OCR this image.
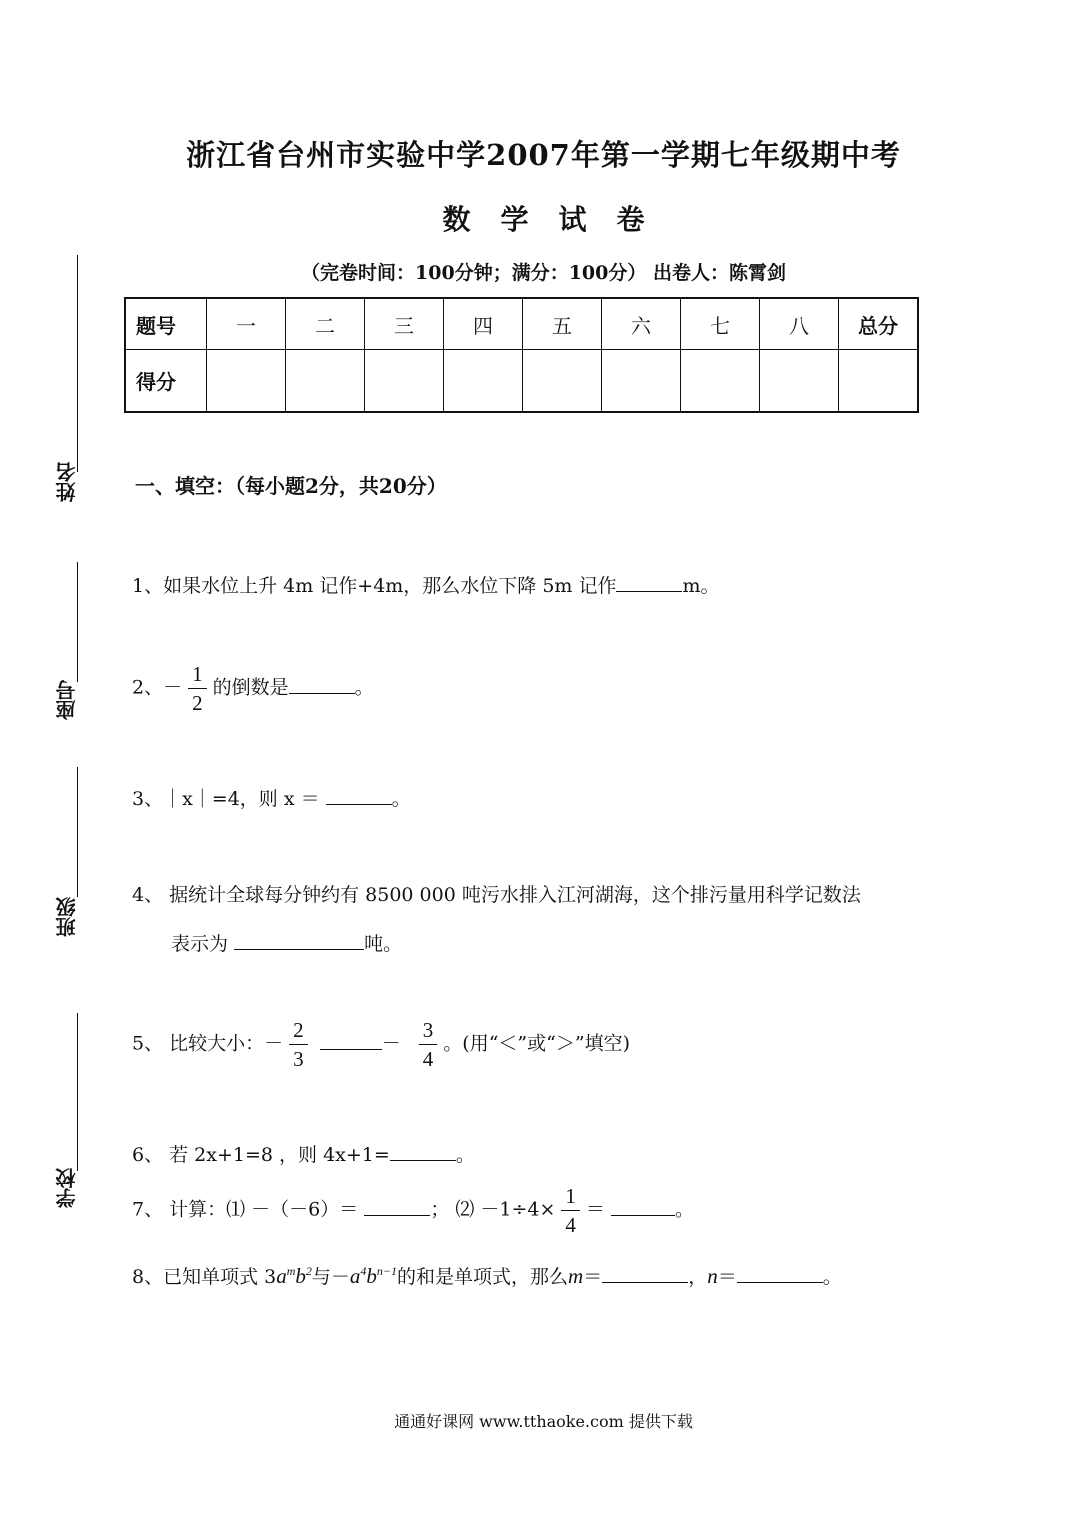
浙江省台州市实验中学2007年第一学期七年级期中考
数学试卷
（完卷时间：100分钟；满分：100分） 出卷人：陈霄剑
题号	一	二	三	四	五	六	七	八	总分
得分									
姓名
座号
班级
学校
一、填空：（每小题2分，共20分）
1、如果水位上升 4m 记作+4m，那么水位下降 5m 记作	m。
2、－ $\frac{1}{2}$ 的倒数是	。
3、｜x｜=4，则 x ＝	。
4、 据统计全球每分钟约有 8500 000 吨污水排入江河湖海，这个排污量用科学记数法
表示为	吨。
5、 比较大小：－ $\frac{2}{3}$	－ $\frac{3}{4}$ 。(用“＜”或“＞”填空)
6、 若 2x+1=8 ，则 4x+1=	。
7、 计算：⑴ －（－6）＝	； ⑵ $-1\div 4\times \frac{1}{4}$ ＝	。
8、已知单项式 $3a^mb^2$与$-a^4b^{n-1}$的和是单项式，那么m＝	，n＝	。
通通好课网 www.tthaoke.com 提供下载
